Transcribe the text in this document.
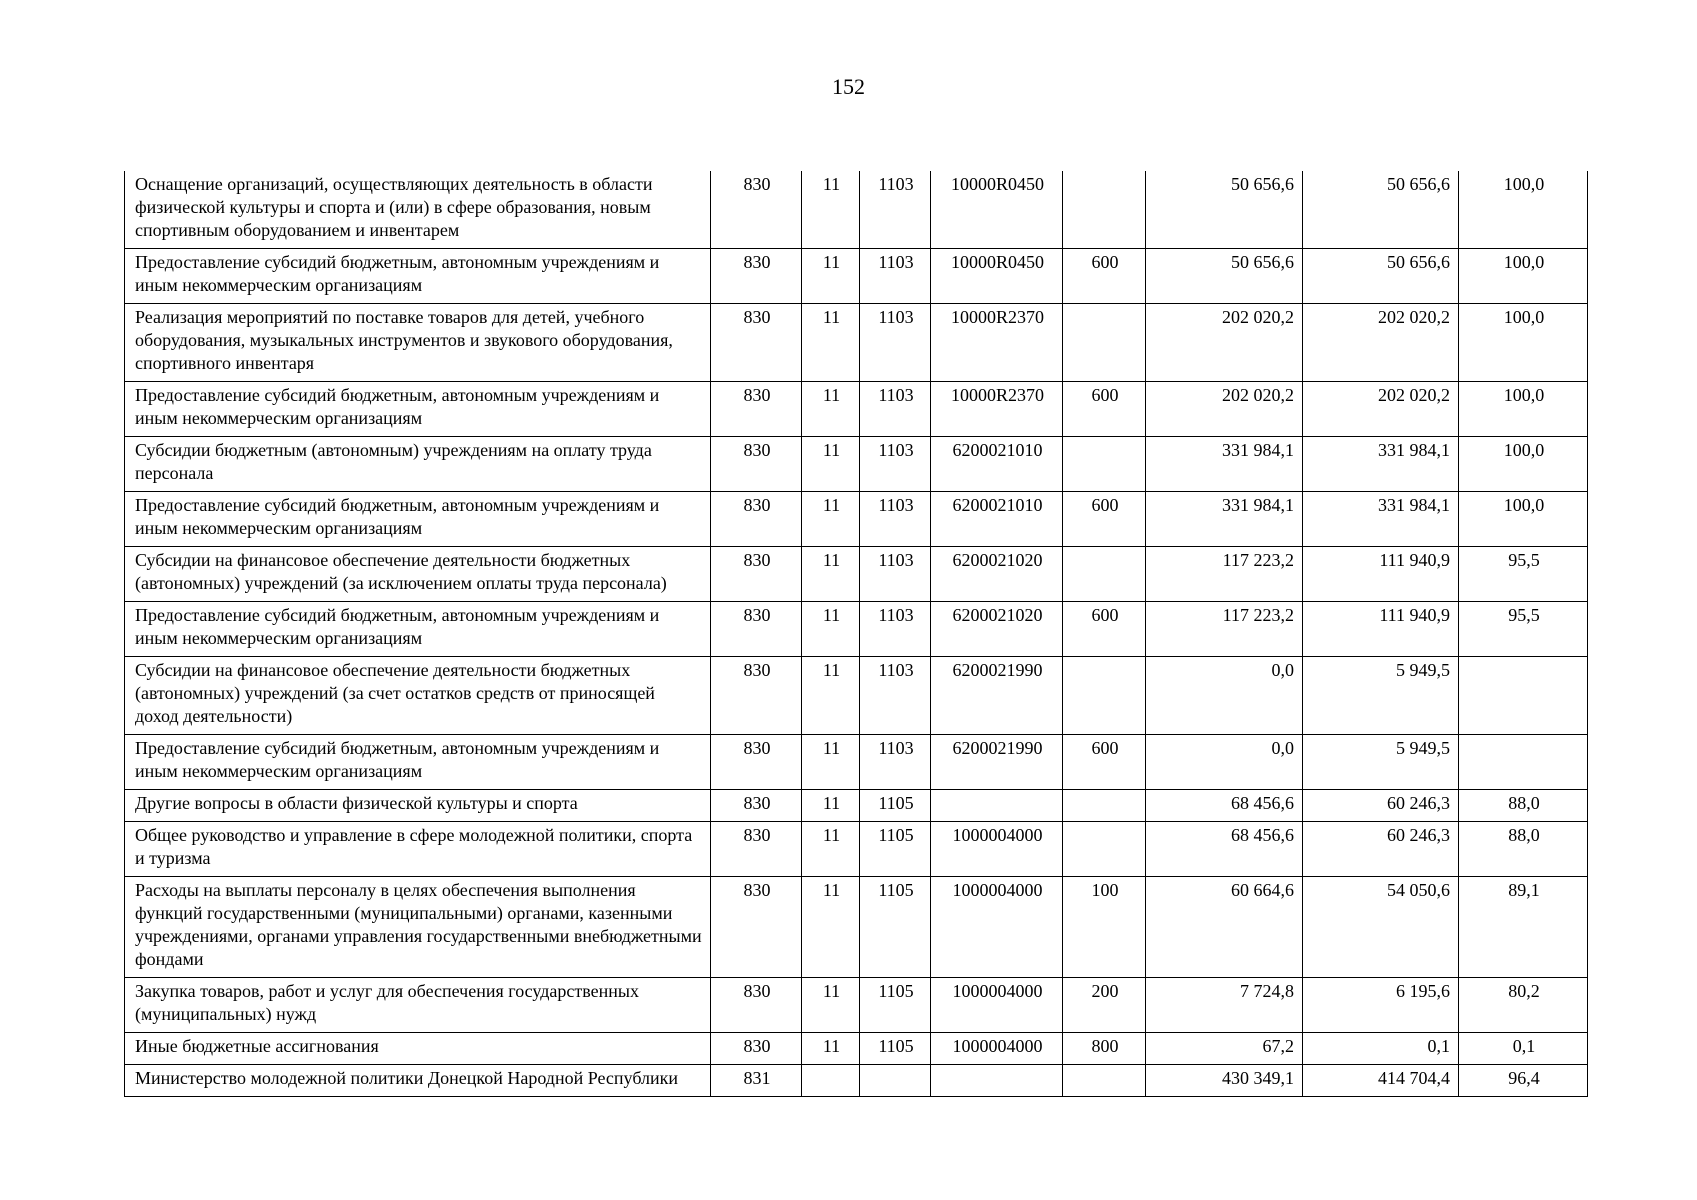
152
Оснащение организаций, осуществляющих деятельность в области физической культуры и спорта и (или) в сфере образования, новым спортивным оборудованием и инвентарем	830	11	1103	10000R0450		50 656,6	50 656,6	100,0
Предоставление субсидий бюджетным, автономным учреждениям и иным некоммерческим организациям	830	11	1103	10000R0450	600	50 656,6	50 656,6	100,0
Реализация мероприятий по поставке товаров для детей, учебного оборудования, музыкальных инструментов и звукового оборудования, спортивного инвентаря	830	11	1103	10000R2370		202 020,2	202 020,2	100,0
Предоставление субсидий бюджетным, автономным учреждениям и иным некоммерческим организациям	830	11	1103	10000R2370	600	202 020,2	202 020,2	100,0
Субсидии бюджетным (автономным) учреждениям на оплату труда персонала	830	11	1103	6200021010		331 984,1	331 984,1	100,0
Предоставление субсидий бюджетным, автономным учреждениям и иным некоммерческим организациям	830	11	1103	6200021010	600	331 984,1	331 984,1	100,0
Субсидии на финансовое обеспечение деятельности бюджетных (автономных) учреждений (за исключением оплаты труда персонала)	830	11	1103	6200021020		117 223,2	111 940,9	95,5
Предоставление субсидий бюджетным, автономным учреждениям и иным некоммерческим организациям	830	11	1103	6200021020	600	117 223,2	111 940,9	95,5
Субсидии на финансовое обеспечение деятельности бюджетных (автономных) учреждений (за счет остатков средств от приносящей доход деятельности)	830	11	1103	6200021990		0,0	5 949,5	
Предоставление субсидий бюджетным, автономным учреждениям и иным некоммерческим организациям	830	11	1103	6200021990	600	0,0	5 949,5	
Другие вопросы в области физической культуры и спорта	830	11	1105			68 456,6	60 246,3	88,0
Общее руководство и управление в сфере молодежной политики, спорта и туризма	830	11	1105	1000004000		68 456,6	60 246,3	88,0
Расходы на выплаты персоналу в целях обеспечения выполнения функций государственными (муниципальными) органами, казенными учреждениями, органами управления государственными внебюджетными фондами	830	11	1105	1000004000	100	60 664,6	54 050,6	89,1
Закупка товаров, работ и услуг для обеспечения государственных (муниципальных) нужд	830	11	1105	1000004000	200	7 724,8	6 195,6	80,2
Иные бюджетные ассигнования	830	11	1105	1000004000	800	67,2	0,1	0,1
Министерство молодежной политики Донецкой Народной Республики	831					430 349,1	414 704,4	96,4
